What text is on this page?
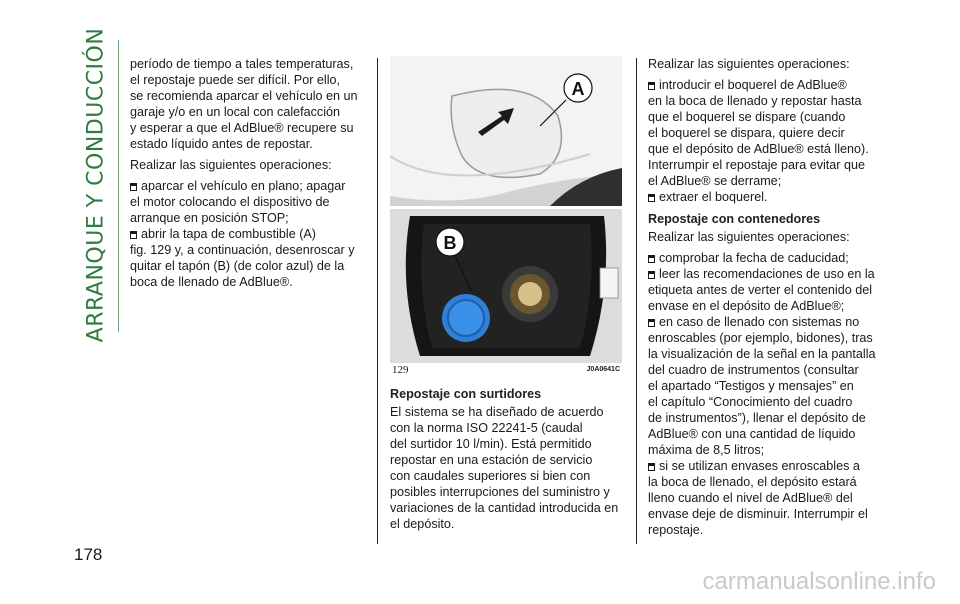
ARRANQUE Y CONDUCCIÓN
178

período de tiempo a tales temperaturas,
el repostaje puede ser difícil. Por ello,
se recomienda aparcar el vehículo en un
garaje y/o en un local con calefacción
y esperar a que el AdBlue® recupere su
estado líquido antes de repostar.

Realizar las siguientes operaciones:

aparcar el vehículo en plano; apagar
el motor colocando el dispositivo de
arranque en posición STOP;
abrir la tapa de combustible (A)
fig. 129 y, a continuación, desenroscar y
quitar el tapón (B) (de color azul) de la
boca de llenado de AdBlue®.
A
B
129	J0A0641C
Repostaje con surtidores

El sistema se ha diseñado de acuerdo
con la norma ISO 22241-5 (caudal
del surtidor 10 l/min). Está permitido
repostar en una estación de servicio
con caudales superiores si bien con
posibles interrupciones del suministro y
variaciones de la cantidad introducida en
el depósito.

Realizar las siguientes operaciones:

introducir el boquerel de AdBlue®
en la boca de llenado y repostar hasta
que el boquerel se dispare (cuando
el boquerel se dispara, quiere decir
que el depósito de AdBlue® está lleno).
Interrumpir el repostaje para evitar que
el AdBlue® se derrame;
extraer el boquerel.
Repostaje con contenedores

Realizar las siguientes operaciones:

comprobar la fecha de caducidad;
leer las recomendaciones de uso en la
etiqueta antes de verter el contenido del
envase en el depósito de AdBlue®;
en caso de llenado con sistemas no
enroscables (por ejemplo, bidones), tras
la visualización de la señal en la pantalla
del cuadro de instrumentos (consultar
el apartado “Testigos y mensajes” en
el capítulo “Conocimiento del cuadro
de instrumentos”), llenar el depósito de
AdBlue® con una cantidad de líquido
máxima de 8,5 litros;
si se utilizan envases enroscables a
la boca de llenado, el depósito estará
lleno cuando el nivel de AdBlue® del
envase deje de disminuir. Interrumpir el
repostaje.
carmanualsonline.info
